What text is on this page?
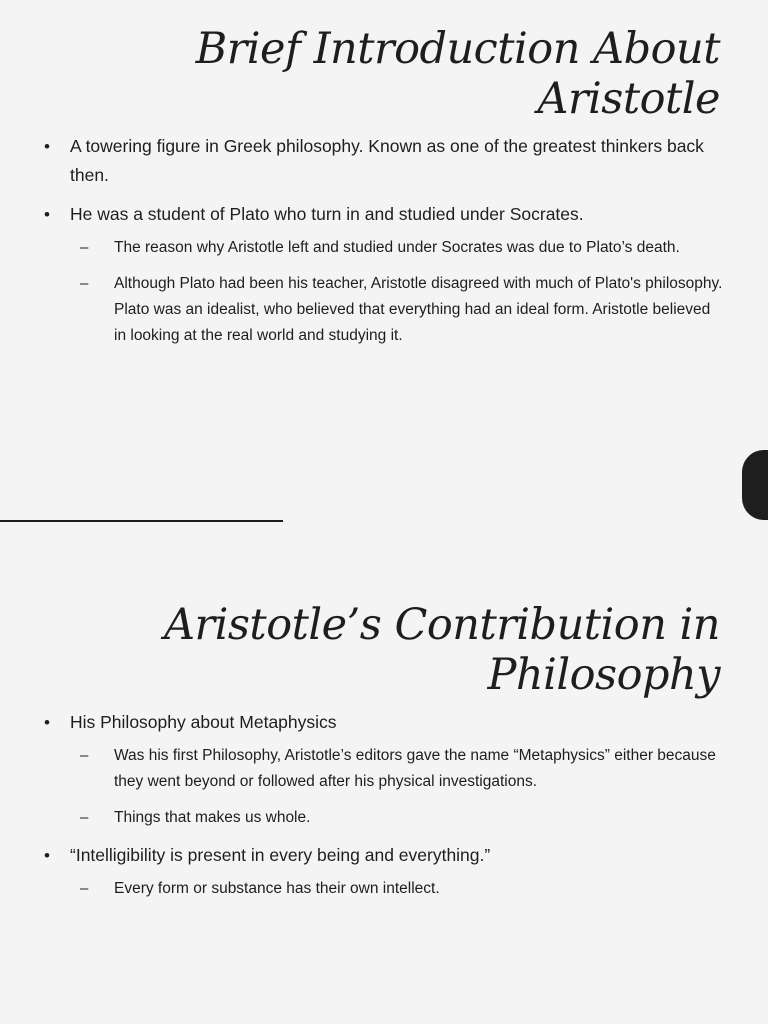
Brief Introduction About
Aristotle
• A towering figure in Greek philosophy. Known as one of the greatest thinkers back then.
• He was a student of Plato who turn in and studied under Socrates.
– The reason why Aristotle left and studied under Socrates was due to Plato’s death.
– Although Plato had been his teacher, Aristotle disagreed with much of Plato's philosophy. Plato was an idealist, who believed that everything had an ideal form. Aristotle believed in looking at the real world and studying it.
Aristotle’s Contribution in
Philosophy
• His Philosophy about Metaphysics
– Was his first Philosophy, Aristotle’s editors gave the name “Metaphysics” either because they went beyond or followed after his physical investigations.
– Things that makes us whole.
• “Intelligibility is present in every being and everything.”
– Every form or substance has their own intellect.
